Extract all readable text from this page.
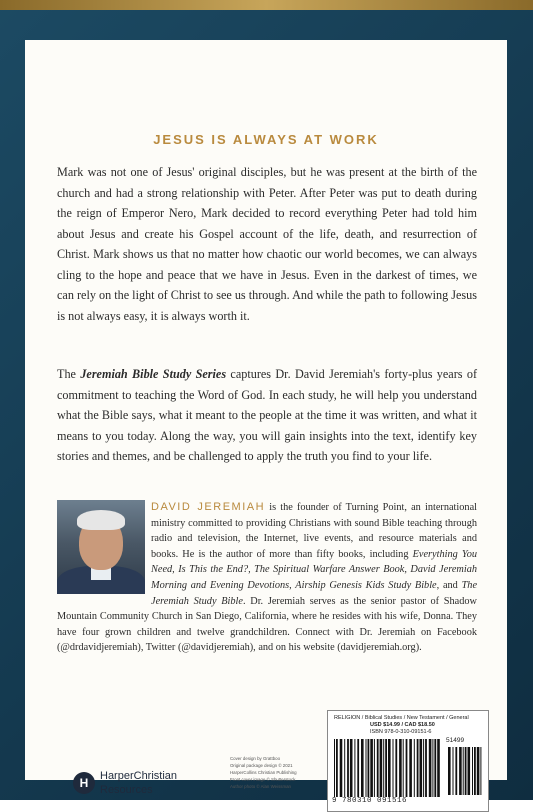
JESUS IS ALWAYS AT WORK

Mark was not one of Jesus' original disciples, but he was present at the birth of the church and had a strong relationship with Peter. After Peter was put to death during the reign of Emperor Nero, Mark decided to record everything Peter had told him about Jesus and create his Gospel account of the life, death, and resurrection of Christ. Mark shows us that no matter how chaotic our world becomes, we can always cling to the hope and peace that we have in Jesus. Even in the darkest of times, we can rely on the light of Christ to see us through. And while the path to following Jesus is not always easy, it is always worth it.

The Jeremiah Bible Study Series captures Dr. David Jeremiah's forty-plus years of commitment to teaching the Word of God. In each study, he will help you understand what the Bible says, what it meant to the people at the time it was written, and what it means to you today. Along the way, you will gain insights into the text, identify key stories and themes, and be challenged to apply the truth you find to your life.

DAVID JEREMIAH is the founder of Turning Point, an international ministry committed to providing Christians with sound Bible teaching through radio and television, the Internet, live events, and resource materials and books. He is the author of more than fifty books, including Everything You Need, Is This the End?, The Spiritual Warfare Answer Book, David Jeremiah Morning and Evening Devotions, Airship Genesis Kids Study Bible, and The Jeremiah Study Bible. Dr. Jeremiah serves as the senior pastor of Shadow Mountain Community Church in San Diego, California, where he resides with his wife, Donna. They have four grown children and twelve grandchildren. Connect with Dr. Jeremiah on Facebook (@drdavidjeremiah), Twitter (@davidjeremiah), and on his website (davidjeremiah.org).

H	HarperChristian
Resources
Cover design by Grattboo
Original package design © 2021
HarperCollins Christian Publishing
Front cover image © Shutterstock
Author photo © Alan Weissman
RELIGION / Biblical Studies / New Testament / General
USD $14.99 / CAD $18.50
ISBN 978-0-310-09151-6
51499
9 780310 091516
